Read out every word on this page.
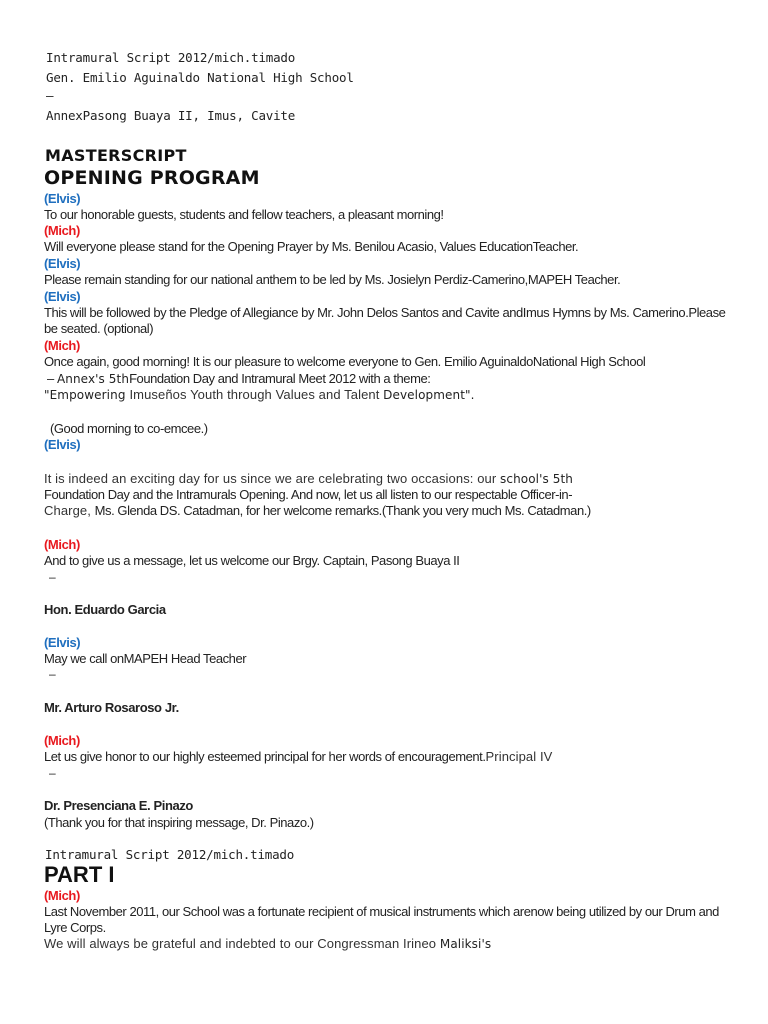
Intramural Script 2012/mich.timado
Gen. Emilio Aguinaldo National High School
–
AnnexPasong Buaya II, Imus, Cavite
MASTERSCRIPT
OPENING PROGRAM
(Elvis)
To our honorable guests, students and fellow teachers, a pleasant morning!
(Mich)
Will everyone please stand for the Opening Prayer by Ms. Benilou Acasio, Values EducationTeacher.
(Elvis)
Please remain standing for our national anthem to be led by Ms. Josielyn Perdiz-Camerino,MAPEH Teacher.
(Elvis)
This will be followed by the Pledge of Allegiance by Mr. John Delos Santos and Cavite andImus Hymns by Ms. Camerino.Please
be seated. (optional)
(Mich)
Once again, good morning! It is our pleasure to welcome everyone to Gen. Emilio AguinaldoNational High School
– Annex's 5thFoundation Day and Intramural Meet 2012 with a theme:
"Empowering Imuseños Youth through Values and Talent Development".
(Good morning to co-emcee.)
(Elvis)
It is indeed an exciting day for us since we are celebrating two occasions: our school's 5th
Foundation Day and the Intramurals Opening. And now, let us all listen to our respectable Officer-in-
Charge, Ms. Glenda DS. Catadman, for her welcome remarks.(Thank you very much Ms. Catadman.)
(Mich)
And to give us a message, let us welcome our Brgy. Captain, Pasong Buaya II
–
Hon. Eduardo Garcia
(Elvis)
May we call onMAPEH Head Teacher
–
Mr. Arturo Rosaroso Jr.
(Mich)
Let us give honor to our highly esteemed principal for her words of encouragement.Principal IV
–
Dr. Presenciana E. Pinazo
(Thank you for that inspiring message, Dr. Pinazo.)
Intramural Script 2012/mich.timado
PART I
(Mich)
Last November 2011, our School was a fortunate recipient of musical instruments which arenow being utilized by our Drum and
Lyre Corps.
We will always be grateful and indebted to our Congressman Irineo Maliksi's
